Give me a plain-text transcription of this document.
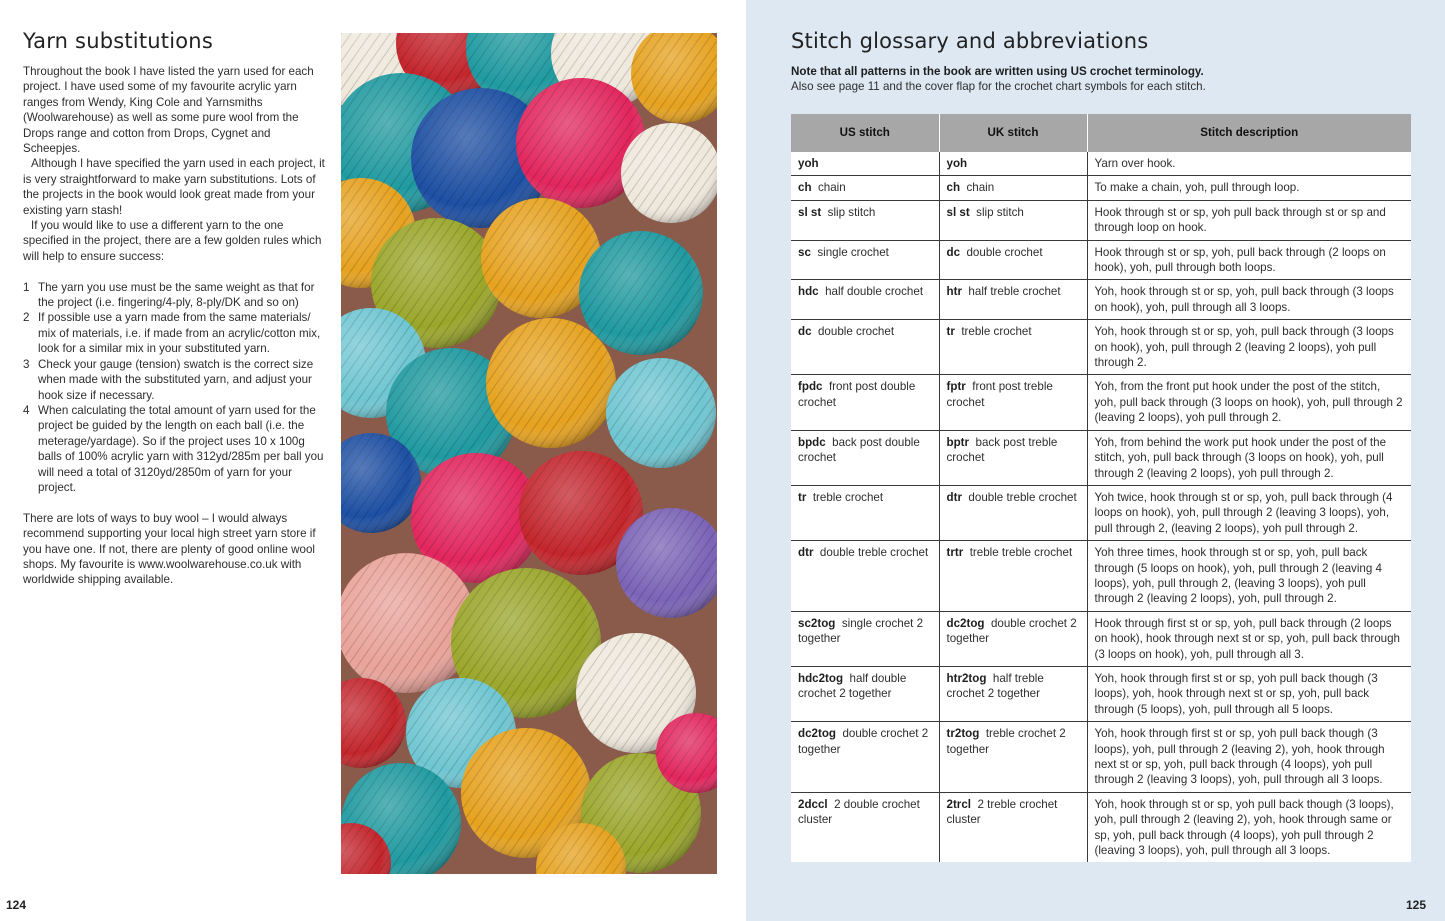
Yarn substitutions

Throughout the book I have listed the yarn used for each project. I have used some of my favourite acrylic yarn ranges from Wendy, King Cole and Yarnsmiths (Woolwarehouse) as well as some pure wool from the Drops range and cotton from Drops, Cygnet and Scheepjes.

Although I have specified the yarn used in each project, it is very straightforward to make yarn substitutions. Lots of the projects in the book would look great made from your existing yarn stash!

If you would like to use a different yarn to the one specified in the project, there are a few golden rules which will help to ensure success:

1 The yarn you use must be the same weight as that for the project (i.e. fingering/4-ply, 8-ply/DK and so on)
2 If possible use a yarn made from the same materials/ mix of materials, i.e. if made from an acrylic/cotton mix, look for a similar mix in your substituted yarn.
3 Check your gauge (tension) swatch is the correct size when made with the substituted yarn, and adjust your hook size if necessary.
4 When calculating the total amount of yarn used for the project be guided by the length on each ball (i.e. the meterage/yardage). So if the project uses 10 x 100g balls of 100% acrylic yarn with 312yd/285m per ball you will need a total of 3120yd/2850m of yarn for your project.

There are lots of ways to buy wool – I would always recommend supporting your local high street yarn store if you have one. If not, there are plenty of good online wool shops. My favourite is www.woolwarehouse.co.uk with worldwide shipping available.

124
Stitch glossary and abbreviations
Note that all patterns in the book are written using US crochet terminology.
Also see page 11 and the cover flap for the crochet chart symbols for each stitch.
US stitch	UK stitch	Stitch description
yoh	yoh	Yarn over hook.
ch chain	ch chain	To make a chain, yoh, pull through loop.
sl st slip stitch	sl st slip stitch	Hook through st or sp, yoh pull back through st or sp and through loop on hook.
sc single crochet	dc double crochet	Hook through st or sp, yoh, pull back through (2 loops on hook), yoh, pull through both loops.
hdc half double crochet	htr half treble crochet	Yoh, hook through st or sp, yoh, pull back through (3 loops on hook), yoh, pull through all 3 loops.
dc double crochet	tr treble crochet	Yoh, hook through st or sp, yoh, pull back through (3 loops on hook), yoh, pull through 2 (leaving 2 loops), yoh pull through 2.
fpdc front post double crochet	fptr front post treble crochet	Yoh, from the front put hook under the post of the stitch, yoh, pull back through (3 loops on hook), yoh, pull through 2 (leaving 2 loops), yoh pull through 2.
bpdc back post double crochet	bptr back post treble crochet	Yoh, from behind the work put hook under the post of the stitch, yoh, pull back through (3 loops on hook), yoh, pull through 2 (leaving 2 loops), yoh pull through 2.
tr treble crochet	dtr double treble crochet	Yoh twice, hook through st or sp, yoh, pull back through (4 loops on hook), yoh, pull through 2 (leaving 3 loops), yoh, pull through 2, (leaving 2 loops), yoh pull through 2.
dtr double treble crochet	trtr treble treble crochet	Yoh three times, hook through st or sp, yoh, pull back through (5 loops on hook), yoh, pull through 2 (leaving 4 loops), yoh, pull through 2, (leaving 3 loops), yoh pull through 2 (leaving 2 loops), yoh, pull through 2.
sc2tog single crochet 2 together	dc2tog double crochet 2 together	Hook through first st or sp, yoh, pull back through (2 loops on hook), hook through next st or sp, yoh, pull back through (3 loops on hook), yoh, pull through all 3.
hdc2tog half double crochet 2 together	htr2tog half treble crochet 2 together	Yoh, hook through first st or sp, yoh pull back though (3 loops), yoh, hook through next st or sp, yoh, pull back through (5 loops), yoh, pull through all 5 loops.
dc2tog double crochet 2 together	tr2tog treble crochet 2 together	Yoh, hook through first st or sp, yoh pull back though (3 loops), yoh, pull through 2 (leaving 2), yoh, hook through next st or sp, yoh, pull back through (4 loops), yoh pull through 2 (leaving 3 loops), yoh, pull through all 3 loops.
2dccl 2 double crochet cluster	2trcl 2 treble crochet cluster	Yoh, hook through st or sp, yoh pull back though (3 loops), yoh, pull through 2 (leaving 2), yoh, hook through same or sp, yoh, pull back through (4 loops), yoh pull through 2 (leaving 3 loops), yoh, pull through all 3 loops.
125
